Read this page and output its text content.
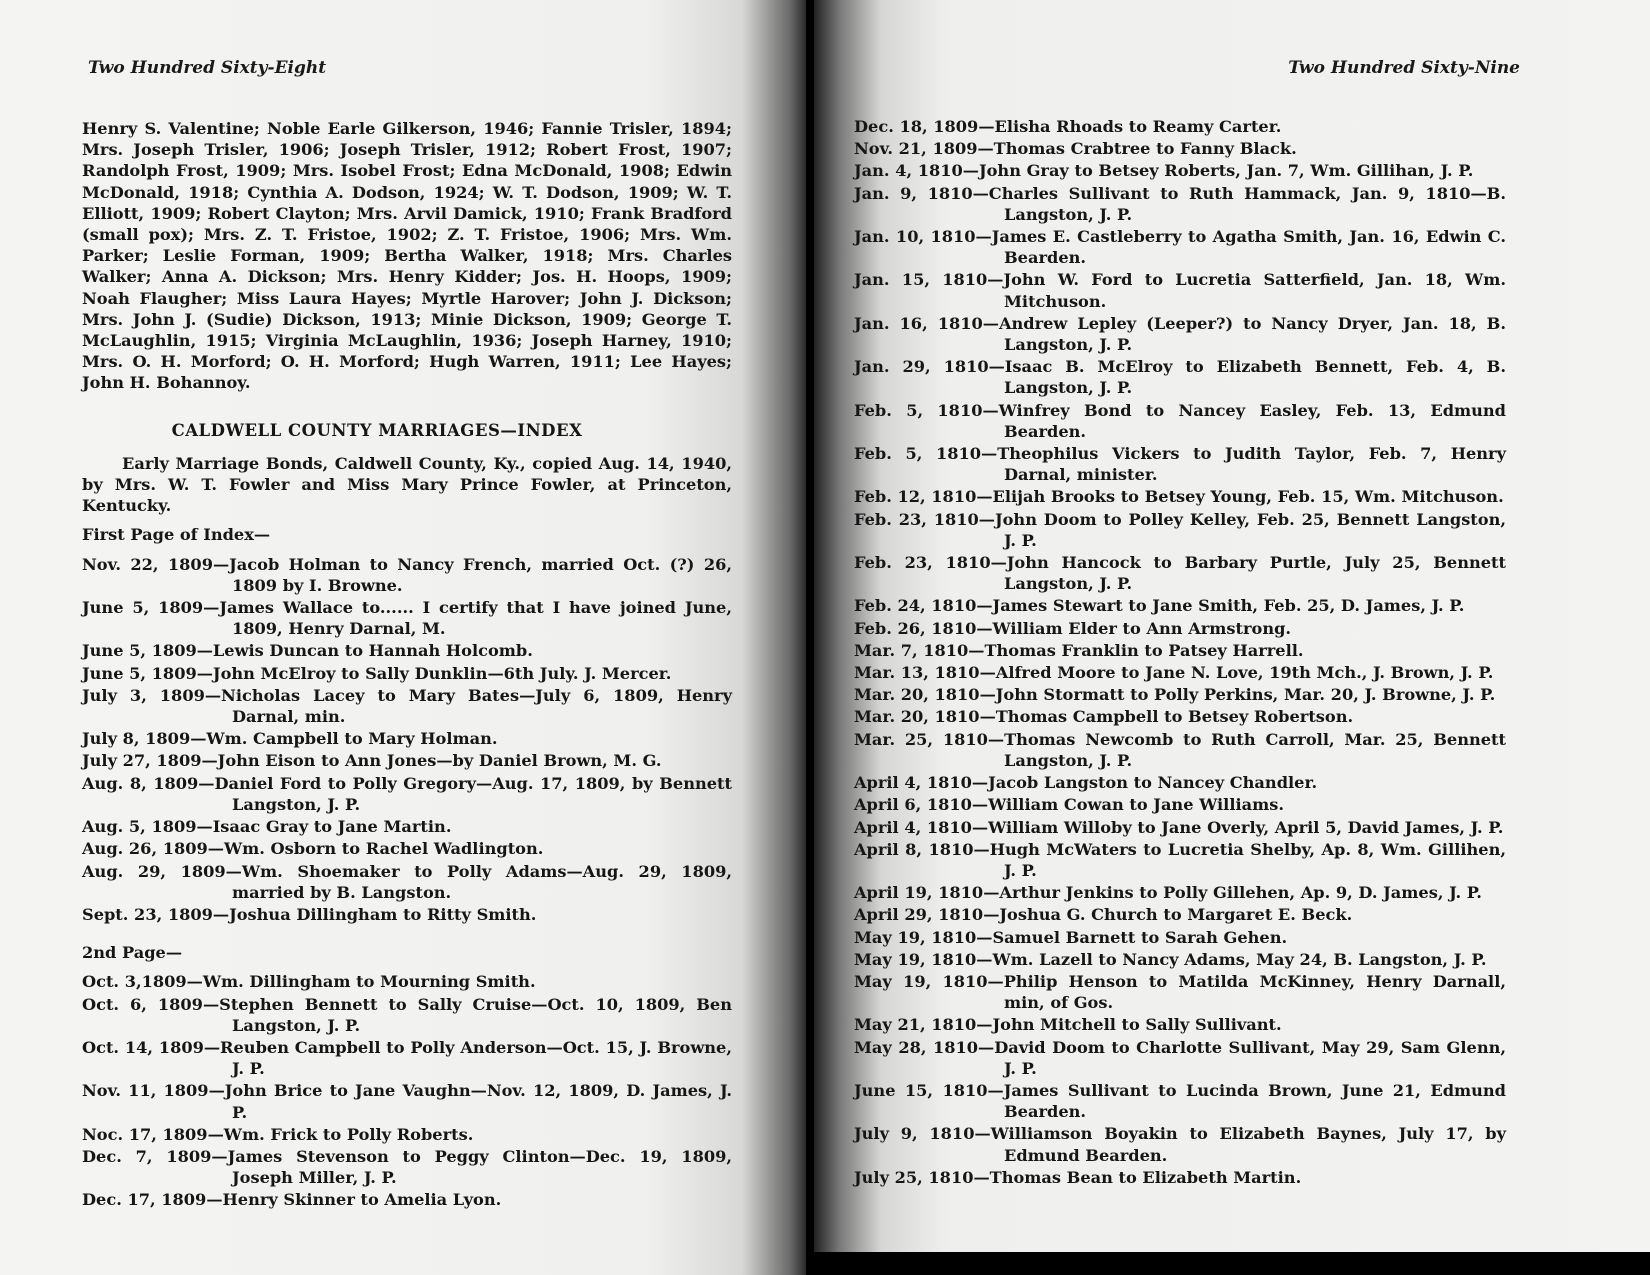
Two Hundred Sixty-Eight

Henry S. Valentine; Noble Earle Gilkerson, 1946; Fannie Trisler, 1894; Mrs. Joseph Trisler, 1906; Joseph Trisler, 1912; Robert Frost, 1907; Randolph Frost, 1909; Mrs. Isobel Frost; Edna McDonald, 1908; Edwin McDonald, 1918; Cynthia A. Dodson, 1924; W. T. Dodson, 1909; W. T. Elliott, 1909; Robert Clayton; Mrs. Arvil Damick, 1910; Frank Bradford (small pox); Mrs. Z. T. Fristoe, 1902; Z. T. Fristoe, 1906; Mrs. Wm. Parker; Leslie Forman, 1909; Bertha Walker, 1918; Mrs. Charles Walker; Anna A. Dickson; Mrs. Henry Kidder; Jos. H. Hoops, 1909; Noah Flaugher; Miss Laura Hayes; Myrtle Harover; John J. Dickson; Mrs. John J. (Sudie) Dickson, 1913; Minie Dickson, 1909; George T. McLaughlin, 1915; Virginia McLaughlin, 1936; Joseph Harney, 1910; Mrs. O. H. Morford; O. H. Morford; Hugh Warren, 1911; Lee Hayes; John H. Bohannoy.

CALDWELL COUNTY MARRIAGES—INDEX

Early Marriage Bonds, Caldwell County, Ky., copied Aug. 14, 1940, by Mrs. W. T. Fowler and Miss Mary Prince Fowler, at Princeton, Kentucky.

First Page of Index—
Nov. 22, 1809—Jacob Holman to Nancy French, married Oct. (?) 26, 1809 by I. Browne.
June 5, 1809—James Wallace to...... I certify that I have joined June, 1809, Henry Darnal, M.
June 5, 1809—Lewis Duncan to Hannah Holcomb.
June 5, 1809—John McElroy to Sally Dunklin—6th July. J. Mercer.
July 3, 1809—Nicholas Lacey to Mary Bates—July 6, 1809, Henry Darnal, min.
July 8, 1809—Wm. Campbell to Mary Holman.
July 27, 1809—John Eison to Ann Jones—by Daniel Brown, M. G.
Aug. 8, 1809—Daniel Ford to Polly Gregory—Aug. 17, 1809, by Bennett Langston, J. P.
Aug. 5, 1809—Isaac Gray to Jane Martin.
Aug. 26, 1809—Wm. Osborn to Rachel Wadlington.
Aug. 29, 1809—Wm. Shoemaker to Polly Adams—Aug. 29, 1809, married by B. Langston.
Sept. 23, 1809—Joshua Dillingham to Ritty Smith.
2nd Page—
Oct. 3,1809—Wm. Dillingham to Mourning Smith.
Oct. 6, 1809—Stephen Bennett to Sally Cruise—Oct. 10, 1809, Ben Langston, J. P.
Oct. 14, 1809—Reuben Campbell to Polly Anderson—Oct. 15, J. Browne, J. P.
Nov. 11, 1809—John Brice to Jane Vaughn—Nov. 12, 1809, D. James, J. P.
Noc. 17, 1809—Wm. Frick to Polly Roberts.
Dec. 7, 1809—James Stevenson to Peggy Clinton—Dec. 19, 1809, Joseph Miller, J. P.
Dec. 17, 1809—Henry Skinner to Amelia Lyon.
Two Hundred Sixty-Nine
Dec. 18, 1809—Elisha Rhoads to Reamy Carter.
Nov. 21, 1809—Thomas Crabtree to Fanny Black.
Jan. 4, 1810—John Gray to Betsey Roberts, Jan. 7, Wm. Gillihan, J. P.
Jan. 9, 1810—Charles Sullivant to Ruth Hammack, Jan. 9, 1810—B. Langston, J. P.
Jan. 10, 1810—James E. Castleberry to Agatha Smith, Jan. 16, Edwin C. Bearden.
Jan. 15, 1810—John W. Ford to Lucretia Satterfield, Jan. 18, Wm. Mitchuson.
Jan. 16, 1810—Andrew Lepley (Leeper?) to Nancy Dryer, Jan. 18, B. Langston, J. P.
Jan. 29, 1810—Isaac B. McElroy to Elizabeth Bennett, Feb. 4, B. Langston, J. P.
Feb. 5, 1810—Winfrey Bond to Nancey Easley, Feb. 13, Edmund Bearden.
Feb. 5, 1810—Theophilus Vickers to Judith Taylor, Feb. 7, Henry Darnal, minister.
Feb. 12, 1810—Elijah Brooks to Betsey Young, Feb. 15, Wm. Mitchuson.
Feb. 23, 1810—John Doom to Polley Kelley, Feb. 25, Bennett Langston, J. P.
Feb. 23, 1810—John Hancock to Barbary Purtle, July 25, Bennett Langston, J. P.
Feb. 24, 1810—James Stewart to Jane Smith, Feb. 25, D. James, J. P.
Feb. 26, 1810—William Elder to Ann Armstrong.
Mar. 7, 1810—Thomas Franklin to Patsey Harrell.
Mar. 13, 1810—Alfred Moore to Jane N. Love, 19th Mch., J. Brown, J. P.
Mar. 20, 1810—John Stormatt to Polly Perkins, Mar. 20, J. Browne, J. P.
Mar. 20, 1810—Thomas Campbell to Betsey Robertson.
Mar. 25, 1810—Thomas Newcomb to Ruth Carroll, Mar. 25, Bennett Langston, J. P.
April 4, 1810—Jacob Langston to Nancey Chandler.
April 6, 1810—William Cowan to Jane Williams.
April 4, 1810—William Willoby to Jane Overly, April 5, David James, J. P.
April 8, 1810—Hugh McWaters to Lucretia Shelby, Ap. 8, Wm. Gillihen, J. P.
April 19, 1810—Arthur Jenkins to Polly Gillehen, Ap. 9, D. James, J. P.
April 29, 1810—Joshua G. Church to Margaret E. Beck.
May 19, 1810—Samuel Barnett to Sarah Gehen.
May 19, 1810—Wm. Lazell to Nancy Adams, May 24, B. Langston, J. P.
May 19, 1810—Philip Henson to Matilda McKinney, Henry Darnall, min, of Gos.
May 21, 1810—John Mitchell to Sally Sullivant.
May 28, 1810—David Doom to Charlotte Sullivant, May 29, Sam Glenn, J. P.
June 15, 1810—James Sullivant to Lucinda Brown, June 21, Edmund Bearden.
July 9, 1810—Williamson Boyakin to Elizabeth Baynes, July 17, by Edmund Bearden.
July 25, 1810—Thomas Bean to Elizabeth Martin.
